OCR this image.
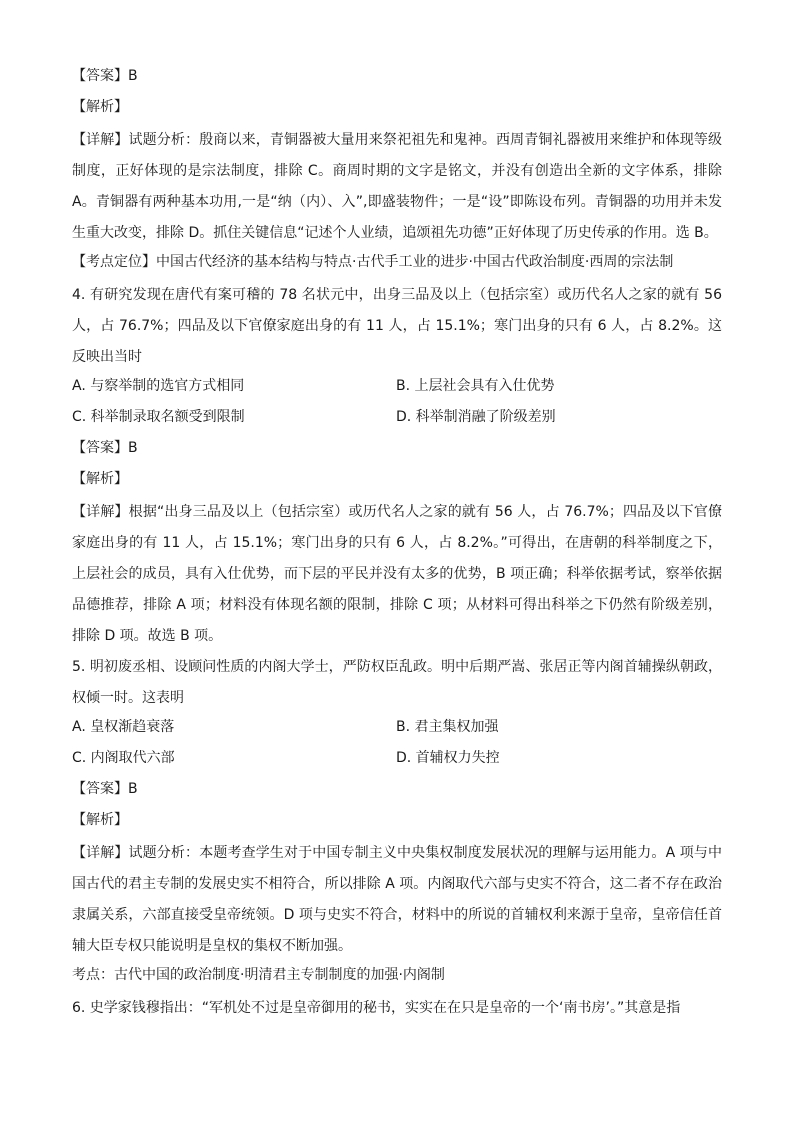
【答案】B
【解析】
【详解】试题分析：殷商以来，青铜器被大量用来祭祀祖先和鬼神。西周青铜礼器被用来维护和体现等级制度，正好体现的是宗法制度，排除 C。商周时期的文字是铭文，并没有创造出全新的文字体系，排除 A。青铜器有两种基本功用,一是“纳（内）、入”,即盛装物件；一是“设”即陈设布列。青铜器的功用并未发生重大改变，排除 D。抓住关键信息“记述个人业绩，追颂祖先功德”正好体现了历史传承的作用。选 B。
【考点定位】中国古代经济的基本结构与特点·古代手工业的进步·中国古代政治制度·西周的宗法制
4. 有研究发现在唐代有案可稽的 78 名状元中，出身三品及以上（包括宗室）或历代名人之家的就有 56 人，占 76.7%；四品及以下官僚家庭出身的有 11 人，占 15.1%；寒门出身的只有 6 人，占 8.2%。这反映出当时
A. 与察举制的选官方式相同	B. 上层社会具有入仕优势
C. 科举制录取名额受到限制	D. 科举制消融了阶级差别
【答案】B
【解析】
【详解】根据“出身三品及以上（包括宗室）或历代名人之家的就有 56 人，占 76.7%；四品及以下官僚家庭出身的有 11 人，占 15.1%；寒门出身的只有 6 人，占 8.2%。”可得出，在唐朝的科举制度之下，上层社会的成员，具有入仕优势，而下层的平民并没有太多的优势，B 项正确；科举依据考试，察举依据品德推荐，排除 A 项；材料没有体现名额的限制，排除 C 项；从材料可得出科举之下仍然有阶级差别，排除 D 项。故选 B 项。
5. 明初废丞相、设顾问性质的内阁大学士，严防权臣乱政。明中后期严嵩、张居正等内阁首辅操纵朝政，权倾一时。这表明
A. 皇权渐趋衰落	B. 君主集权加强
C. 内阁取代六部	D. 首辅权力失控
【答案】B
【解析】
【详解】试题分析：本题考查学生对于中国专制主义中央集权制度发展状况的理解与运用能力。A 项与中国古代的君主专制的发展史实不相符合，所以排除 A 项。内阁取代六部与史实不符合，这二者不存在政治隶属关系，六部直接受皇帝统领。D 项与史实不符合，材料中的所说的首辅权利来源于皇帝，皇帝信任首辅大臣专权只能说明是皇权的集权不断加强。
考点：古代中国的政治制度·明清君主专制制度的加强·内阁制
6. 史学家钱穆指出：“军机处不过是皇帝御用的秘书，实实在在只是皇帝的一个‘南书房’。”其意是指
